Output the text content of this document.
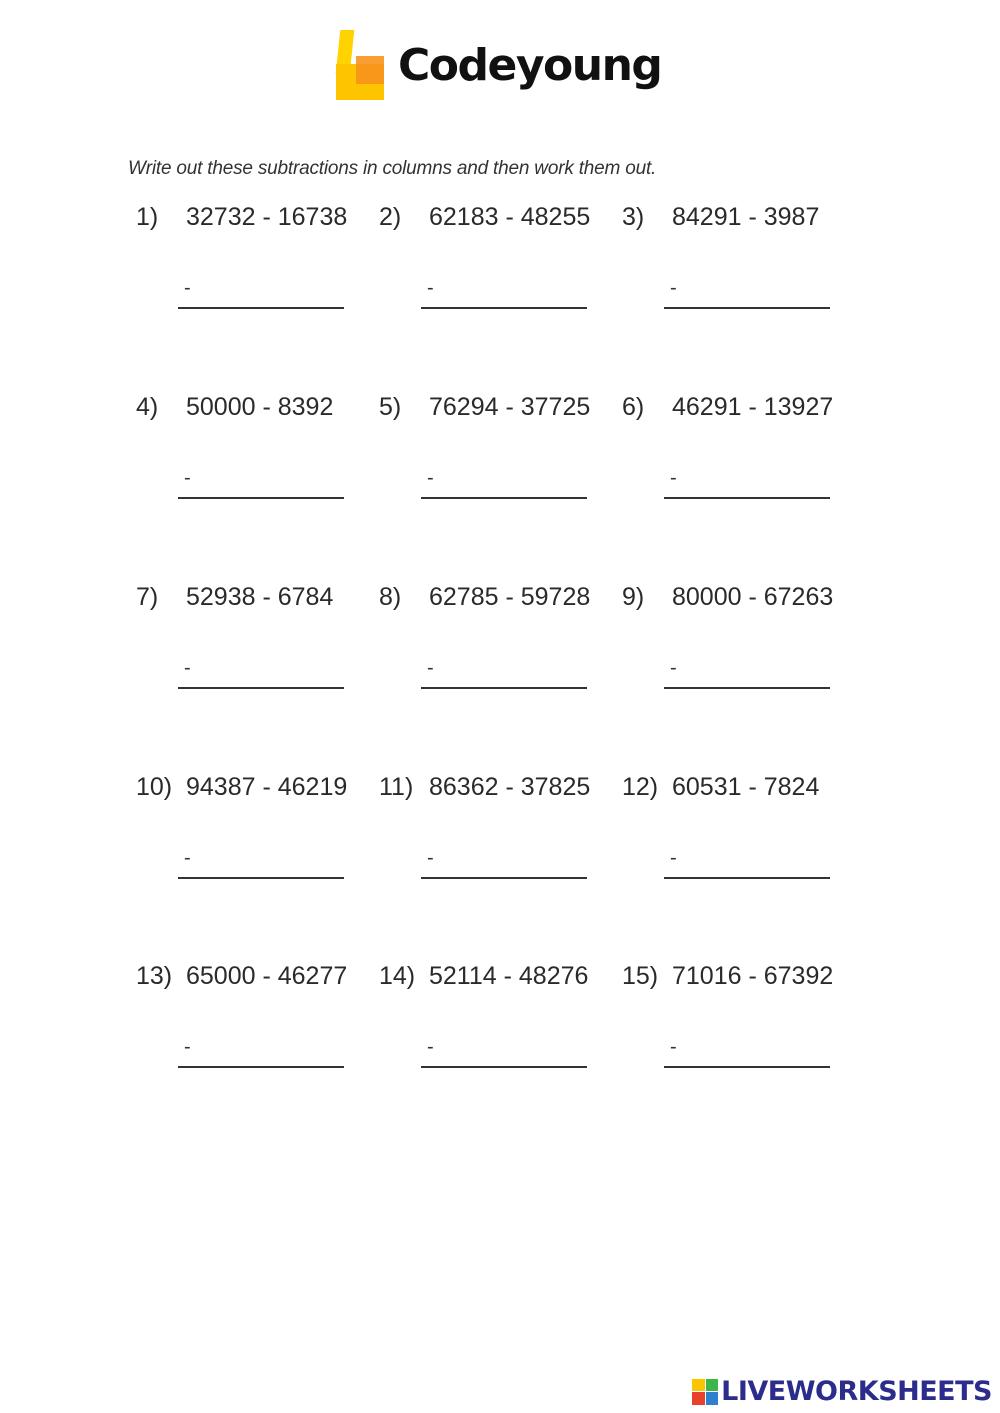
Codeyoung
Write out these subtractions in columns and then work them out.
1) 32732 - 16738
-
2) 62183 - 48255
-
3) 84291 - 3987
-
4) 50000 - 8392
-
5) 76294 - 37725
-
6) 46291 - 13927
-
7) 52938 - 6784
-
8) 62785 - 59728
-
9) 80000 - 67263
-
10) 94387 - 46219
-
11) 86362 - 37825
-
12) 60531 - 7824
-
13) 65000 - 46277
-
14) 52114 - 48276
-
15) 71016 - 67392
-
LIVEWORKSHEETS
